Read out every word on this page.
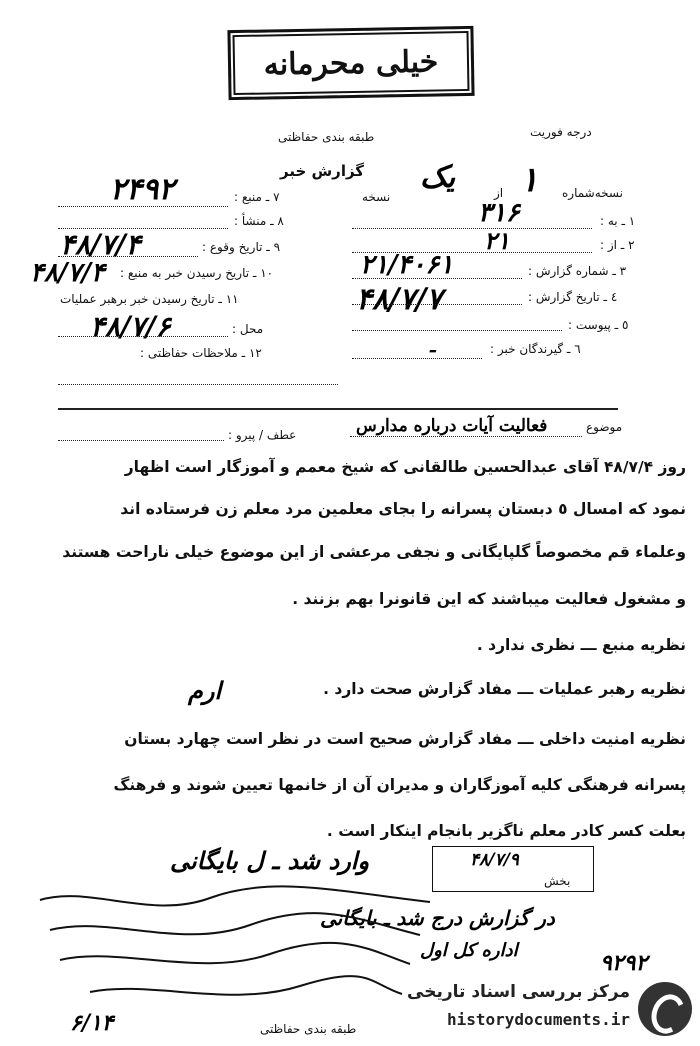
خیلی محرمانه
درجه فوریت
طبقه بندی حفاظتی
گزارش خبر
نسخه‌شماره
۱
از
یک
نسخه
۱ ـ به :
۳۱۶
۲ ـ از :
۲۱
۳ ـ شماره گزارش :
۲۱/۴۰۶۱
٤ ـ تاریخ گزارش :
۴۸/۷/۷
٥ ـ پیوست :
٦ ـ گیرندگان خبر :
ـ
۷ ـ منبع :
۲۴۹۲
۸ ـ منشأ :
۹ ـ تاریخ وقوع :
۴۸/۷/۴
۱۰ ـ تاریخ رسیدن خبر به منبع :
۴۸/۷/۴
۱۱ ـ تاریخ رسیدن خبر برهبر عملیات
محل :
۴۸/۷/۶
۱۲ ـ ملاحظات حفاظتی :
موضوع
فعالیت آیات درباره مدارس
عطف / پیرو :
روز ۴۸/۷/۴ آقای عبدالحسین طالقانی که شیخ معمم و آموزگار است اظهار
نمود که امسال ٥ دبستان پسرانه را بجای معلمین مرد معلم زن فرستاده اند
وعلماء قم مخصوصاً گلپایگانی و نجفی مرعشی از این موضوع خیلی ناراحت هستند
و مشغول فعالیت میباشند که این قانونرا بهم بزنند .
نظریه منبع ـــ نظری ندارد .
نظریه رهبر عملیات ـــ مفاد گزارش صحت دارد .
نظریه امنیت داخلی ـــ مفاد گزارش صحیح است در نظر است چهارد بستان
پسرانه فرهنگی کلیه آموزگاران و مدیران آن از خانمها تعیین شوند و فرهنگ
بعلت کسر کادر معلم ناگزیر بانجام اینکار است .
ارم
۴۸/۷/۹
بخش
وارد شد ـ ل بایگانی
در گزارش درج شد ـ بایگانی
اداره کل اول
۶/۱۴
۹۲۹۲
طبقه بندی حفاظتی
مرکز بررسی اسناد تاریخی
historydocuments.ir
